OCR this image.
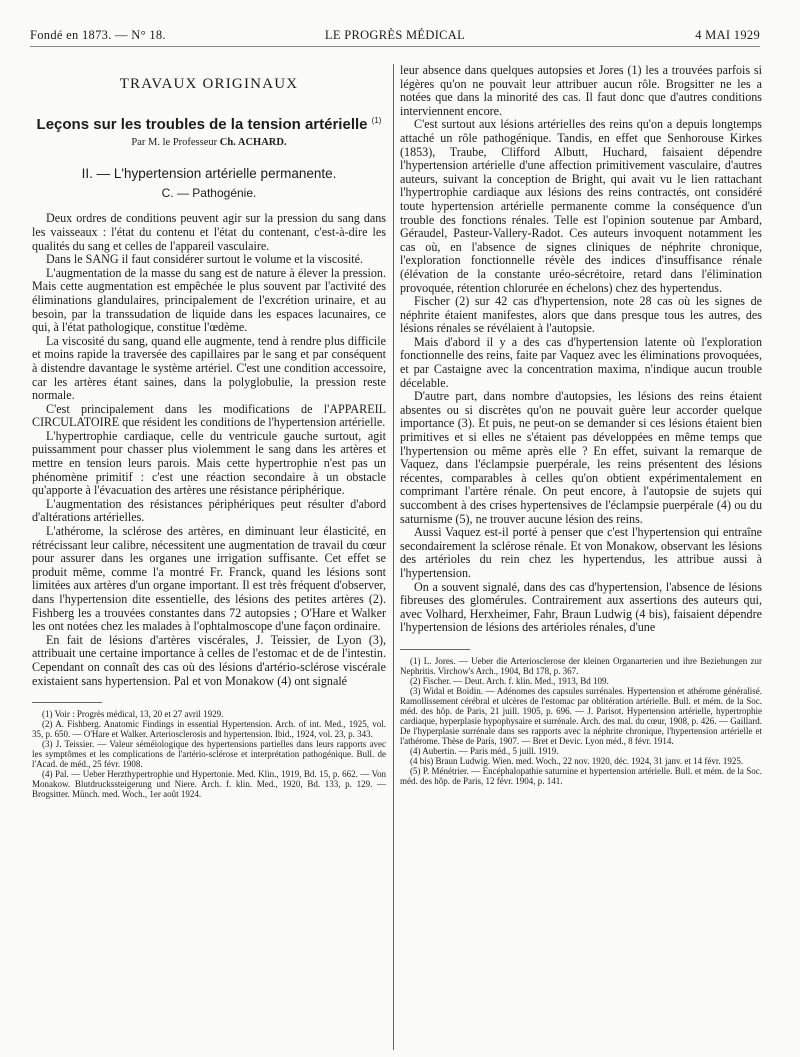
Fondé en 1873. — N° 18.	LE PROGRÈS MÉDICAL	4 MAI 1929
TRAVAUX ORIGINAUX
Leçons sur les troubles de la tension artérielle $^{(1)}$
Par M. le Professeur Ch. ACHARD.
II. — L'hypertension artérielle permanente.
C. — Pathogénie.

Deux ordres de conditions peuvent agir sur la pression du sang dans les vaisseaux : l'état du contenu et l'état du contenant, c'est-à-dire les qualités du sang et celles de l'appareil vasculaire.

Dans le SANG il faut considérer surtout le volume et la viscosité.

L'augmentation de la masse du sang est de nature à élever la pression. Mais cette augmentation est empêchée le plus souvent par l'activité des éliminations glandulaires, principalement de l'excrétion urinaire, et au besoin, par la transsudation de liquide dans les espaces lacunaires, ce qui, à l'état pathologique, constitue l'œdème.

La viscosité du sang, quand elle augmente, tend à rendre plus difficile et moins rapide la traversée des capillaires par le sang et par conséquent à distendre davantage le système artériel. C'est une condition accessoire, car les artères étant saines, dans la polyglobulie, la pression reste normale.

C'est principalement dans les modifications de l'APPAREIL CIRCULATOIRE que résident les conditions de l'hypertension artérielle.

L'hypertrophie cardiaque, celle du ventricule gauche surtout, agit puissamment pour chasser plus violemment le sang dans les artères et mettre en tension leurs parois. Mais cette hypertrophie n'est pas un phénomène primitif : c'est une réaction secondaire à un obstacle qu'apporte à l'évacuation des artères une résistance périphérique.

L'augmentation des résistances périphériques peut résulter d'abord d'altérations artérielles.

L'athérome, la sclérose des artères, en diminuant leur élasticité, en rétrécissant leur calibre, nécessitent une augmentation de travail du cœur pour assurer dans les organes une irrigation suffisante. Cet effet se produit même, comme l'a montré Fr. Franck, quand les lésions sont limitées aux artères d'un organe important. Il est très fréquent d'observer, dans l'hypertension dite essentielle, des lésions des petites artères (2). Fishberg les a trouvées constantes dans 72 autopsies ; O'Hare et Walker les ont notées chez les malades à l'ophtalmoscope d'une façon ordinaire.

En fait de lésions d'artères viscérales, J. Teissier, de Lyon (3), attribuait une certaine importance à celles de l'estomac et de de l'intestin. Cependant on connaît des cas où des lésions d'artério-sclérose viscérale existaient sans hypertension. Pal et von Monakow (4) ont signalé

(1) Voir : Progrès médical, 13, 20 et 27 avril 1929.

(2) A. Fishberg. Anatomic Findings in essential Hypertension. Arch. of int. Med., 1925, vol. 35, p. 650. — O'Hare et Walker. Arteriosclerosis and hypertension. Ibid., 1924, vol. 23, p. 343.

(3) J. Teissier. — Valeur séméiologique des hypertensions partielles dans leurs rapports avec les symptômes et les complications de l'artério-sclérose et interprétation pathogénique. Bull. de l'Acad. de méd., 25 févr. 1908.

(4) Pal. — Ueber Herzthypertrophie und Hypertonie. Med. Klin., 1919, Bd. 15, p. 662. — Von Monakow. Blutdruckssteigerung und Niere. Arch. f. klin. Med., 1920, Bd. 133, p. 129. — Brogsitter. Münch. med. Woch., 1er août 1924.

leur absence dans quelques autopsies et Jores (1) les a trouvées parfois si légères qu'on ne pouvait leur attribuer aucun rôle. Brogsitter ne les a notées que dans la minorité des cas. Il faut donc que d'autres conditions interviennent encore.

C'est surtout aux lésions artérielles des reins qu'on a depuis longtemps attaché un rôle pathogénique. Tandis, en effet que Senhorouse Kirkes (1853), Traube, Clifford Albutt, Huchard, faisaient dépendre l'hypertension artérielle d'une affection primitivement vasculaire, d'autres auteurs, suivant la conception de Bright, qui avait vu le lien rattachant l'hypertrophie cardiaque aux lésions des reins contractés, ont considéré toute hypertension artérielle permanente comme la conséquence d'un trouble des fonctions rénales. Telle est l'opinion soutenue par Ambard, Géraudel, Pasteur-Vallery-Radot. Ces auteurs invoquent notamment les cas où, en l'absence de signes cliniques de néphrite chronique, l'exploration fonctionnelle révèle des indices d'insuffisance rénale (élévation de la constante uréo-sécrétoire, retard dans l'élimination provoquée, rétention chlorurée en échelons) chez des hypertendus.

Fischer (2) sur 42 cas d'hypertension, note 28 cas où les signes de néphrite étaient manifestes, alors que dans presque tous les autres, des lésions rénales se révélaient à l'autopsie.

Mais d'abord il y a des cas d'hypertension latente où l'exploration fonctionnelle des reins, faite par Vaquez avec les éliminations provoquées, et par Castaigne avec la concentration maxima, n'indique aucun trouble décelable.

D'autre part, dans nombre d'autopsies, les lésions des reins étaient absentes ou si discrètes qu'on ne pouvait guère leur accorder quelque importance (3). Et puis, ne peut-on se demander si ces lésions étaient bien primitives et si elles ne s'étaient pas développées en même temps que l'hypertension ou même après elle ? En effet, suivant la remarque de Vaquez, dans l'éclampsie puerpérale, les reins présentent des lésions récentes, comparables à celles qu'on obtient expérimentalement en comprimant l'artère rénale. On peut encore, à l'autopsie de sujets qui succombent à des crises hypertensives de l'éclampsie puerpérale (4) ou du saturnisme (5), ne trouver aucune lésion des reins.

Aussi Vaquez est-il porté à penser que c'est l'hypertension qui entraîne secondairement la sclérose rénale. Et von Monakow, observant les lésions des artérioles du rein chez les hypertendus, les attribue aussi à l'hypertension.

On a souvent signalé, dans des cas d'hypertension, l'absence de lésions fibreuses des glomérules. Contrairement aux assertions des auteurs qui, avec Volhard, Herxheimer, Fahr, Braun Ludwig (4 bis), faisaient dépendre l'hypertension de lésions des artérioles rénales, d'une

(1) L. Jores. — Ueber die Arteriosclerose der kleinen Organarterien und ihre Beziehungen zur Nephritis. Virchow's Arch., 1904, Bd 178, p. 367.

(2) Fischer. — Deut. Arch. f. klin. Med., 1913, Bd 109.

(3) Widal et Boidin. — Adénomes des capsules surrénales. Hypertension et athérome généralisé. Ramollissement cérébral et ulcères de l'estomac par oblitération artérielle. Bull. et mém. de la Soc. méd. des hôp. de Paris, 21 juill. 1905, p. 696. — J. Parisot. Hypertension artérielle, hypertrophie cardiaque, hyperplasie hypophysaire et surrénale. Arch. des mal. du cœur, 1908, p. 426. — Gaillard. De l'hyperplasie surrénale dans ses rapports avec la néphrite chronique, l'hypertension artérielle et l'athérome. Thèse de Paris, 1907. — Bret et Devic. Lyon méd., 8 févr. 1914.

(4) Aubertin. — Paris méd., 5 juill. 1919.

(4 bis) Braun Ludwig. Wien. med. Woch., 22 nov. 1920, déc. 1924, 31 janv. et 14 févr. 1925.

(5) P. Ménétrier. — Encéphalopathie saturnine et hypertension artérielle. Bull. et mém. de la Soc. méd. des hôp. de Paris, 12 févr. 1904, p. 141.
